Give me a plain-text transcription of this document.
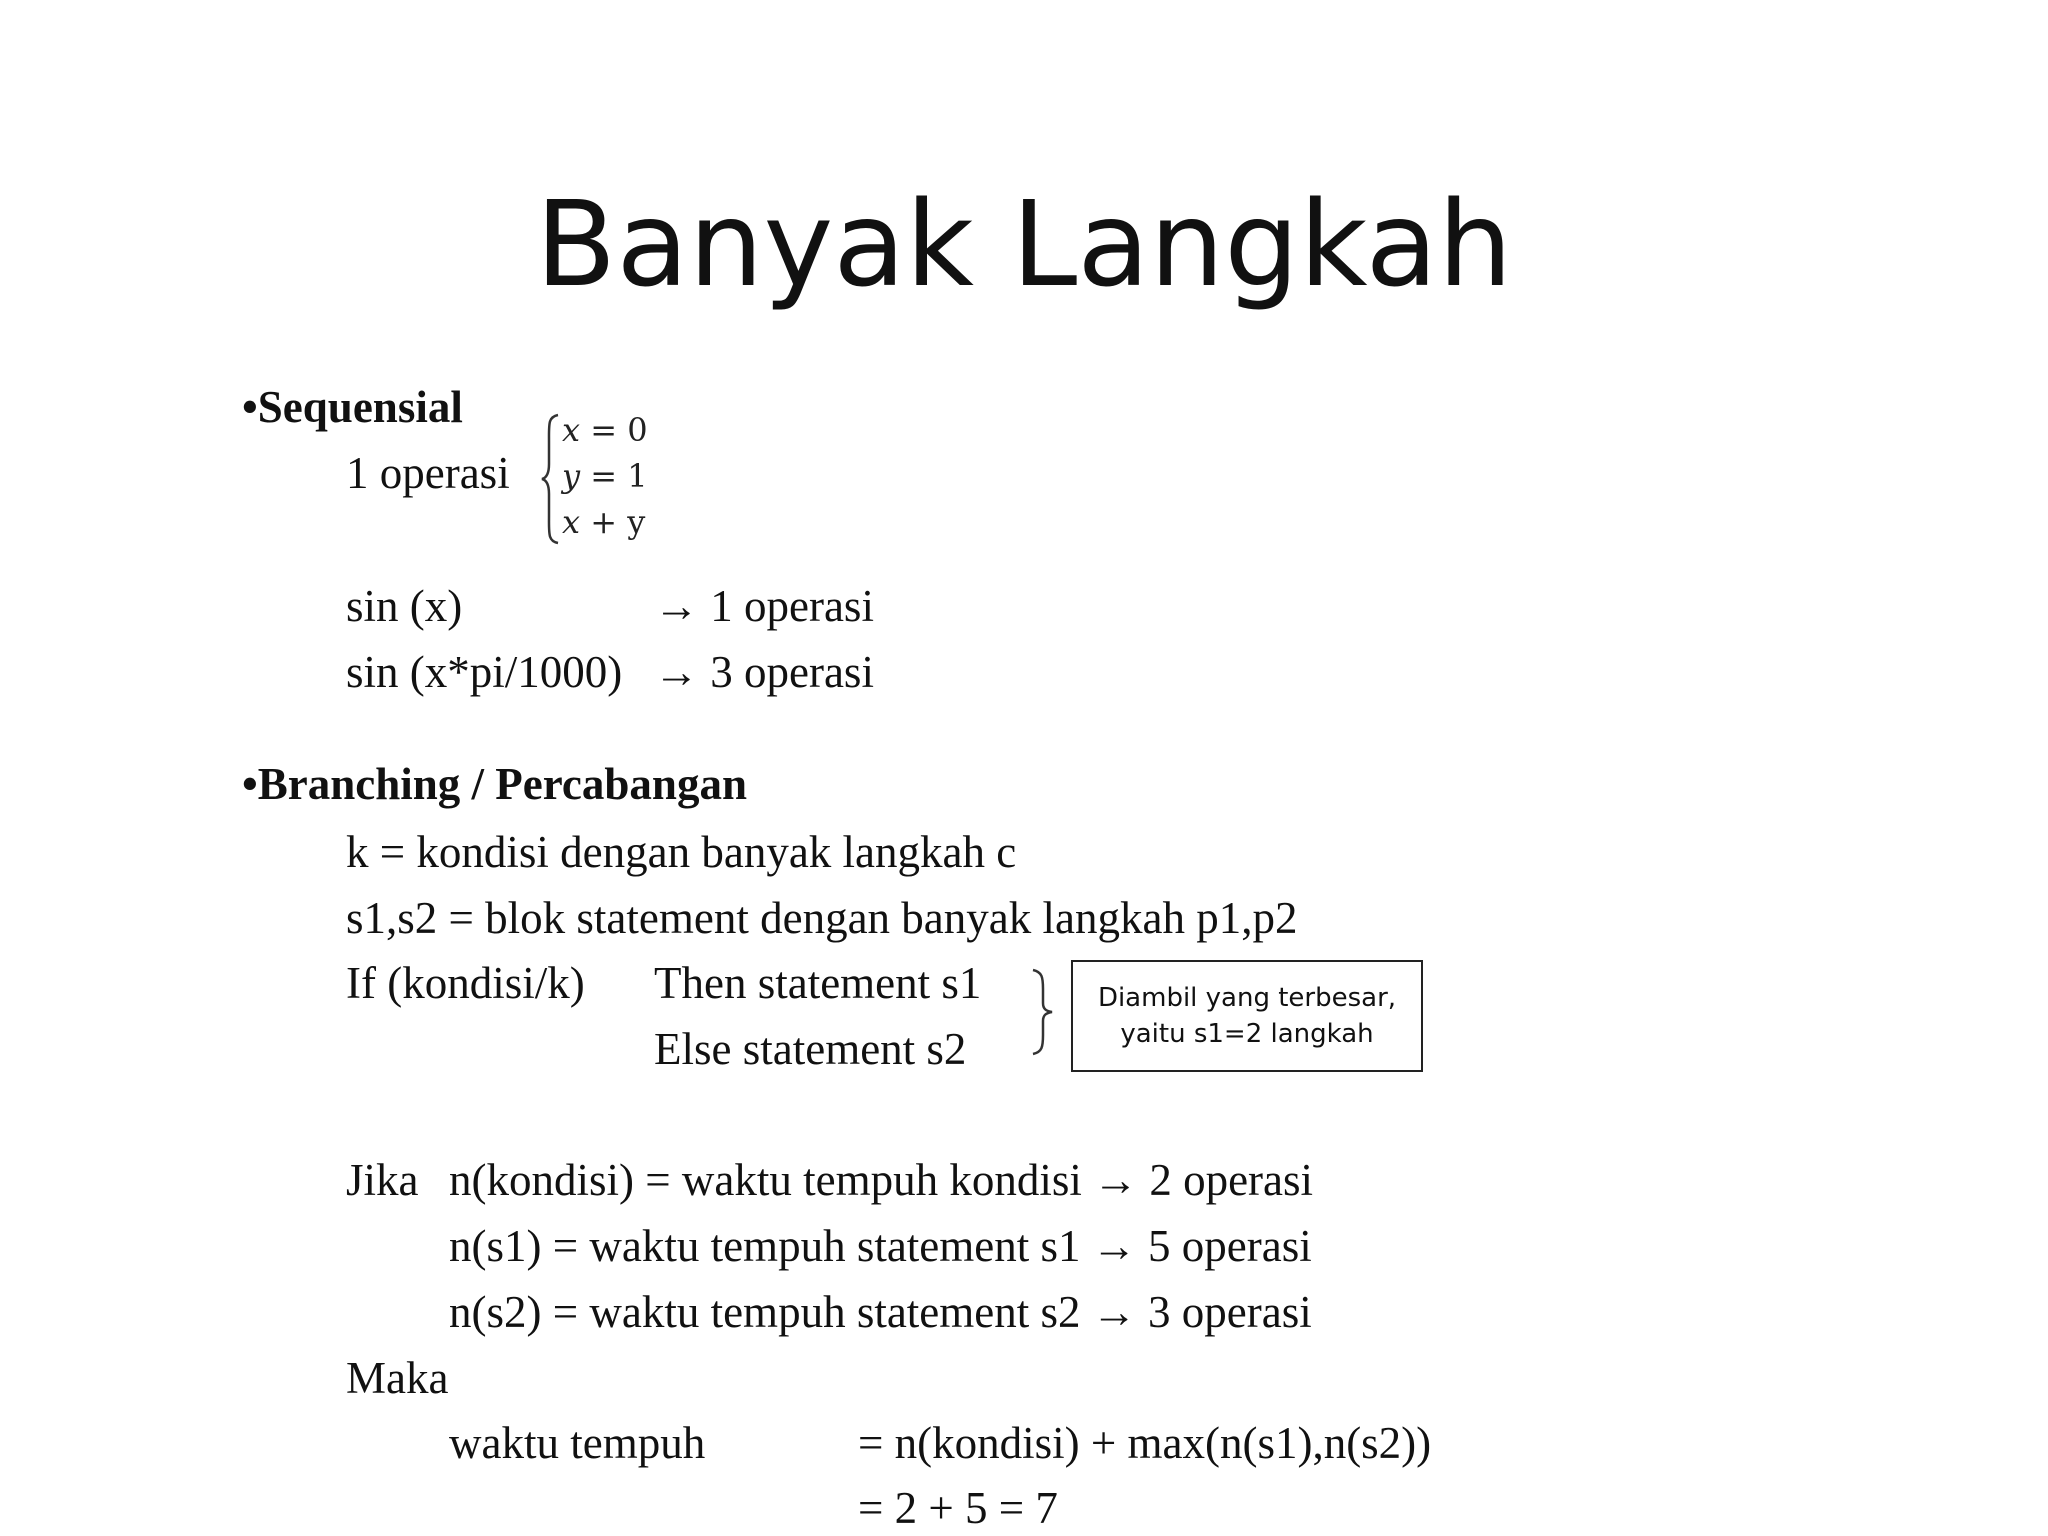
Banyak Langkah
•Sequensial
1 operasi
x = 0
y = 1
x + y
sin (x)	→ 1 operasi
sin (x*pi/1000) → 3 operasi
•Branching / Percabangan
k = kondisi dengan banyak langkah c
s1,s2 = blok statement dengan banyak langkah p1,p2
If (kondisi/k) Then statement s1
Else statement s2
Diambil yang terbesar,
yaitu s1=2 langkah
Jika n(kondisi) = waktu tempuh kondisi → 2 operasi
n(s1) = waktu tempuh statement s1 → 5 operasi
n(s2) = waktu tempuh statement s2 → 3 operasi
Maka
waktu tempuh	= n(kondisi) + max(n(s1),n(s2))
= 2 + 5 = 7
